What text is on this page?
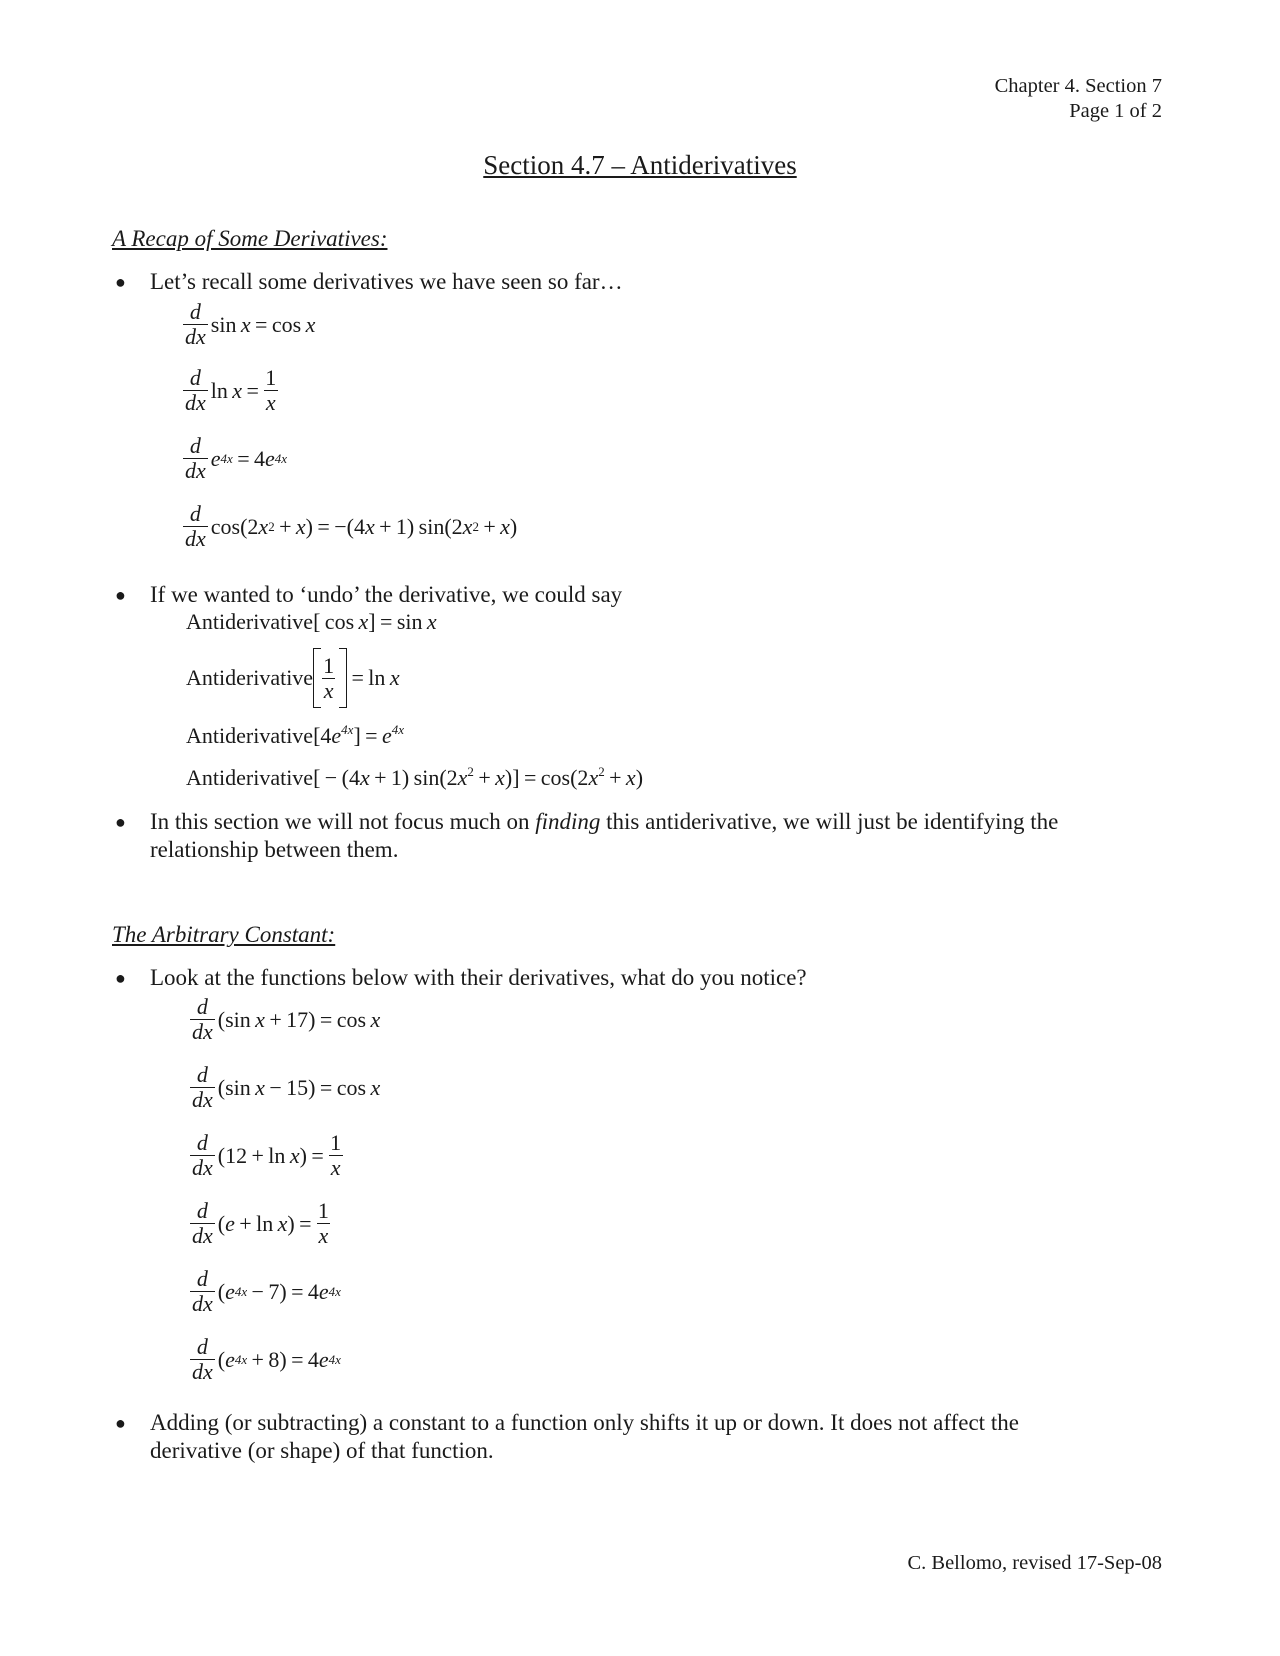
Chapter 4. Section 7
Page 1 of 2
Section 4.7 – Antiderivatives
A Recap of Some Derivatives:
● Let’s recall some derivatives we have seen so far…
$\frac{d}{dx}$ sin  x  = cos  x
$\frac{d}{dx}$ $\ln x = \frac{1}{x}$
$\frac{d}{dx}$ e 4x  = 4 e 4x
$\frac{d}{dx} \cos(2$ x 2  +  x ) = −(4 x  + 1) sin(2 x 2  +  x )
● If we wanted to ‘undo’ the derivative, we could say
Antiderivative[ cos x] = sin x
Antiderivative $\frac{1}{x} = \ln x$
$Antiderivative[4e^{4x}] = e^{4x}$
Antiderivative[ − (4x + 1) $\sin(2x^2 + x)] = \cos(2x^2 + x)$
● In this section we will not focus much on finding this antiderivative, we will just be identifying the
relationship between them.
The Arbitrary Constant:
● Look at the functions below with their derivatives, what do you notice?
$\frac{d}{dx} (\sin$  x  + 17) = cos  x
$\frac{d}{dx} (\sin$  x  − 15) = cos  x
$\frac{d}{dx} (12 + \ln x$ ) =  $\frac{1}{x}$
$\frac{d}{dx}$ ( e  + ln  x ) =  $\frac{1}{x}$
$\frac{d}{dx}$ ( e 4x  − 7) = 4 e 4x
$\frac{d}{dx}$ ( e 4x  + 8) = 4 e 4x
● Adding (or subtracting) a constant to a function only shifts it up or down. It does not affect the
derivative (or shape) of that function.
C. Bellomo, revised 17-Sep-08
